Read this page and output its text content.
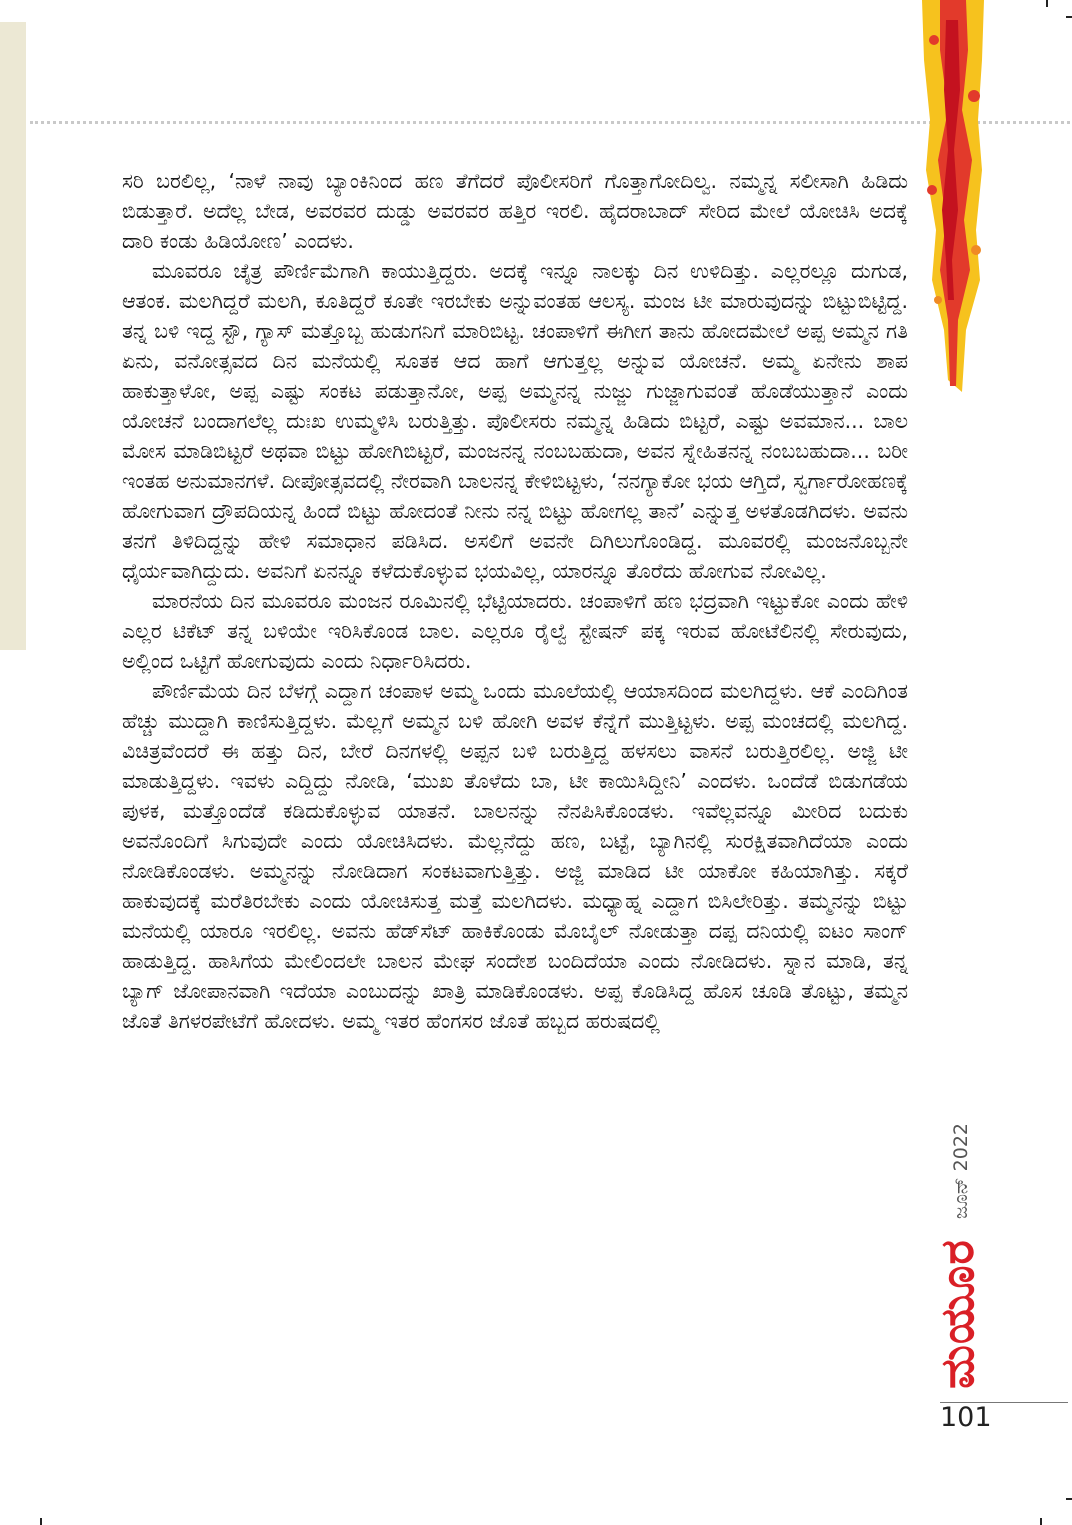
ಸರಿ ಬರಲಿಲ್ಲ, ‘ನಾಳೆ ನಾವು ಬ್ಯಾಂಕಿನಿಂದ ಹಣ ತೆಗೆದರೆ ಪೊಲೀಸರಿಗೆ ಗೊತ್ತಾಗೋದಿಲ್ವ. ನಮ್ಮನ್ನ ಸಲೀಸಾಗಿ ಹಿಡಿದು ಬಿಡುತ್ತಾರೆ. ಅದೆಲ್ಲ ಬೇಡ, ಅವರವರ ದುಡ್ಡು ಅವರವರ ಹತ್ತಿರ ಇರಲಿ. ಹೈದರಾಬಾದ್ ಸೇರಿದ ಮೇಲೆ ಯೋಚಿಸಿ ಅದಕ್ಕೆ ದಾರಿ ಕಂಡು ಹಿಡಿಯೋಣ’ ಎಂದಳು.

ಮೂವರೂ ಚೈತ್ರ ಪೌರ್ಣಿಮೆಗಾಗಿ ಕಾಯುತ್ತಿದ್ದರು. ಅದಕ್ಕೆ ಇನ್ನೂ ನಾಲಕ್ಕು ದಿನ ಉಳಿದಿತ್ತು. ಎಲ್ಲರಲ್ಲೂ ದುಗುಡ, ಆತಂಕ. ಮಲಗಿದ್ದರೆ ಮಲಗಿ, ಕೂತಿದ್ದರೆ ಕೂತೇ ಇರಬೇಕು ಅನ್ನುವಂತಹ ಆಲಸ್ಯ. ಮಂಜ ಟೀ ಮಾರುವುದನ್ನು ಬಿಟ್ಟುಬಿಟ್ಟಿದ್ದ. ತನ್ನ ಬಳಿ ಇದ್ದ ಸ್ಟೌ, ಗ್ಯಾಸ್ ಮತ್ತೊಬ್ಬ ಹುಡುಗನಿಗೆ ಮಾರಿಬಿಟ್ಟ. ಚಂಪಾಳಿಗೆ ಈಗೀಗ ತಾನು ಹೋದಮೇಲೆ ಅಪ್ಪ ಅಮ್ಮನ ಗತಿ ಏನು, ವನೋತ್ಸವದ ದಿನ ಮನೆಯಲ್ಲಿ ಸೂತಕ ಆದ ಹಾಗೆ ಆಗುತ್ತಲ್ಲ ಅನ್ನುವ ಯೋಚನೆ. ಅಮ್ಮ ಏನೇನು ಶಾಪ ಹಾಕುತ್ತಾಳೋ, ಅಪ್ಪ ಎಷ್ಟು ಸಂಕಟ ಪಡುತ್ತಾನೋ, ಅಪ್ಪ ಅಮ್ಮನನ್ನ ನುಜ್ಜು ಗುಜ್ಜಾಗುವಂತೆ ಹೊಡೆಯುತ್ತಾನೆ ಎಂದು ಯೋಚನೆ ಬಂದಾಗಲೆಲ್ಲ ದುಃಖ ಉಮ್ಮಳಿಸಿ ಬರುತ್ತಿತ್ತು. ಪೊಲೀಸರು ನಮ್ಮನ್ನ ಹಿಡಿದು ಬಿಟ್ಟರೆ, ಎಷ್ಟು ಅವಮಾನ... ಬಾಲ ಮೋಸ ಮಾಡಿಬಿಟ್ಟರೆ ಅಥವಾ ಬಿಟ್ಟು ಹೋಗಿಬಿಟ್ಟರೆ, ಮಂಜನನ್ನ ನಂಬಬಹುದಾ, ಅವನ ಸ್ನೇಹಿತನನ್ನ ನಂಬಬಹುದಾ... ಬರೀ ಇಂತಹ ಅನುಮಾನಗಳೆ. ದೀಪೋತ್ಸವದಲ್ಲಿ ನೇರವಾಗಿ ಬಾಲನನ್ನ ಕೇಳಿಬಿಟ್ಟಳು, ‘ನನಗ್ಯಾಕೋ ಭಯ ಆಗ್ತಿದೆ, ಸ್ವರ್ಗಾರೋಹಣಕ್ಕೆ ಹೋಗುವಾಗ ದ್ರೌಪದಿಯನ್ನ ಹಿಂದೆ ಬಿಟ್ಟು ಹೋದಂತೆ ನೀನು ನನ್ನ ಬಿಟ್ಟು ಹೋಗಲ್ಲ ತಾನೆ’ ಎನ್ನುತ್ತ ಅಳತೊಡಗಿದಳು. ಅವನು ತನಗೆ ತಿಳಿದಿದ್ದನ್ನು ಹೇಳಿ ಸಮಾಧಾನ ಪಡಿಸಿದ. ಅಸಲಿಗೆ ಅವನೇ ದಿಗಿಲುಗೊಂಡಿದ್ದ. ಮೂವರಲ್ಲಿ ಮಂಜನೊಬ್ಬನೇ ಧೈರ್ಯವಾಗಿದ್ದುದು. ಅವನಿಗೆ ಏನನ್ನೂ ಕಳೆದುಕೊಳ್ಳುವ ಭಯವಿಲ್ಲ, ಯಾರನ್ನೂ ತೊರೆದು ಹೋಗುವ ನೋವಿಲ್ಲ.

ಮಾರನೆಯ ದಿನ ಮೂವರೂ ಮಂಜನ ರೂಮಿನಲ್ಲಿ ಭೆಟ್ಟಿಯಾದರು. ಚಂಪಾಳಿಗೆ ಹಣ ಭದ್ರವಾಗಿ ಇಟ್ಟುಕೋ ಎಂದು ಹೇಳಿ ಎಲ್ಲರ ಟಿಕೆಟ್ ತನ್ನ ಬಳಿಯೇ ಇರಿಸಿಕೊಂಡ ಬಾಲ. ಎಲ್ಲರೂ ರೈಲ್ವೆ ಸ್ಟೇಷನ್ ಪಕ್ಕ ಇರುವ ಹೋಟೆಲಿನಲ್ಲಿ ಸೇರುವುದು, ಅಲ್ಲಿಂದ ಒಟ್ಟಿಗೆ ಹೋಗುವುದು ಎಂದು ನಿರ್ಧಾರಿಸಿದರು.

ಪೌರ್ಣಿಮೆಯ ದಿನ ಬೆಳಗ್ಗೆ ಎದ್ದಾಗ ಚಂಪಾಳ ಅಮ್ಮ ಒಂದು ಮೂಲೆಯಲ್ಲಿ ಆಯಾಸದಿಂದ ಮಲಗಿದ್ದಳು. ಆಕೆ ಎಂದಿಗಿಂತ ಹೆಚ್ಚು ಮುದ್ದಾಗಿ ಕಾಣಿಸುತ್ತಿದ್ದಳು. ಮೆಲ್ಲಗೆ ಅಮ್ಮನ ಬಳಿ ಹೋಗಿ ಅವಳ ಕೆನ್ನೆಗೆ ಮುತ್ತಿಟ್ಟಳು. ಅಪ್ಪ ಮಂಚದಲ್ಲಿ ಮಲಗಿದ್ದ. ವಿಚಿತ್ರವೆಂದರೆ ಈ ಹತ್ತು ದಿನ, ಬೇರೆ ದಿನಗಳಲ್ಲಿ ಅಪ್ಪನ ಬಳಿ ಬರುತ್ತಿದ್ದ ಹಳಸಲು ವಾಸನೆ ಬರುತ್ತಿರಲಿಲ್ಲ. ಅಜ್ಜಿ ಟೀ ಮಾಡುತ್ತಿದ್ದಳು. ಇವಳು ಎದ್ದಿದ್ದು ನೋಡಿ, ‘ಮುಖ ತೊಳೆದು ಬಾ, ಟೀ ಕಾಯಿಸಿದ್ದೀನಿ’ ಎಂದಳು. ಒಂದೆಡೆ ಬಿಡುಗಡೆಯ ಪುಳಕ, ಮತ್ತೊಂದೆಡೆ ಕಡಿದುಕೊಳ್ಳುವ ಯಾತನೆ. ಬಾಲನನ್ನು ನೆನಪಿಸಿಕೊಂಡಳು. ಇವೆಲ್ಲವನ್ನೂ ಮೀರಿದ ಬದುಕು ಅವನೊಂದಿಗೆ ಸಿಗುವುದೇ ಎಂದು ಯೋಚಿಸಿದಳು. ಮೆಲ್ಲನೆದ್ದು ಹಣ, ಬಟ್ಟೆ, ಬ್ಯಾಗಿನಲ್ಲಿ ಸುರಕ್ಷಿತವಾಗಿದೆಯಾ ಎಂದು ನೋಡಿಕೊಂಡಳು. ಅಮ್ಮನನ್ನು ನೋಡಿದಾಗ ಸಂಕಟವಾಗುತ್ತಿತ್ತು. ಅಜ್ಜಿ ಮಾಡಿದ ಟೀ ಯಾಕೋ ಕಹಿಯಾಗಿತ್ತು. ಸಕ್ಕರೆ ಹಾಕುವುದಕ್ಕೆ ಮರೆತಿರಬೇಕು ಎಂದು ಯೋಚಿಸುತ್ತ ಮತ್ತೆ ಮಲಗಿದಳು. ಮಧ್ಯಾಹ್ನ ಎದ್ದಾಗ ಬಿಸಿಲೇರಿತ್ತು. ತಮ್ಮನನ್ನು ಬಿಟ್ಟು ಮನೆಯಲ್ಲಿ ಯಾರೂ ಇರಲಿಲ್ಲ. ಅವನು ಹೆಡ್‌ಸೆಟ್ ಹಾಕಿಕೊಂಡು ಮೊಬೈಲ್ ನೋಡುತ್ತಾ ದಪ್ಪ ದನಿಯಲ್ಲಿ ಐಟಂ ಸಾಂಗ್ ಹಾಡುತ್ತಿದ್ದ. ಹಾಸಿಗೆಯ ಮೇಲಿಂದಲೇ ಬಾಲನ ಮೇಘ ಸಂದೇಶ ಬಂದಿದೆಯಾ ಎಂದು ನೋಡಿದಳು. ಸ್ನಾನ ಮಾಡಿ, ತನ್ನ ಬ್ಯಾಗ್ ಜೋಪಾನವಾಗಿ ಇದೆಯಾ ಎಂಬುದನ್ನು ಖಾತ್ರಿ ಮಾಡಿಕೊಂಡಳು. ಅಪ್ಪ ಕೊಡಿಸಿದ್ದ ಹೊಸ ಚೂಡಿ ತೊಟ್ಟು, ತಮ್ಮನ ಜೊತೆ ತಿಗಳರಪೇಟೆಗೆ ಹೋದಳು. ಅಮ್ಮ ಇತರ ಹೆಂಗಸರ ಜೊತೆ ಹಬ್ಬದ ಹರುಷದಲ್ಲಿ

ಜೂನ್ 2022
ಮಯೂರ
101
